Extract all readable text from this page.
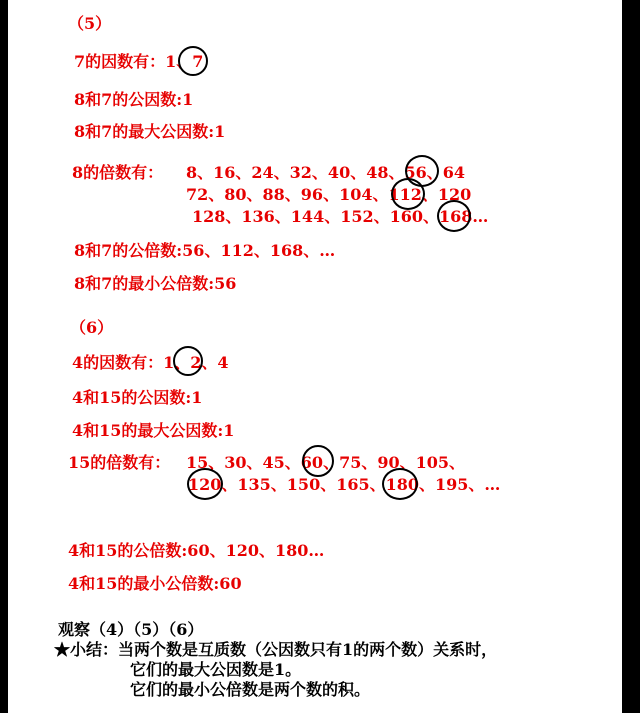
（5）
7的因数有：1、7
8和7的公因数:1
8和7的最大公因数:1
8的倍数有： 8、16、24、32、40、48、56、64
72、80、88、96、104、112、120
128、136、144、152、160、168…
8和7的公倍数:56、112、168、…
8和7的最小公倍数:56
（6）
4的因数有：1、2、4
4和15的公因数:1
4和15的最大公因数:1
15的倍数有： 15、30、45、60、75、90、105、
120、135、150、165、180、195、…
4和15的公倍数:60、120、180…
4和15的最小公倍数:60
观察（4）（5）（6）
★小结：当两个数是互质数（公因数只有1的两个数）关系时，
它们的最大公因数是1。
它们的最小公倍数是两个数的积。
